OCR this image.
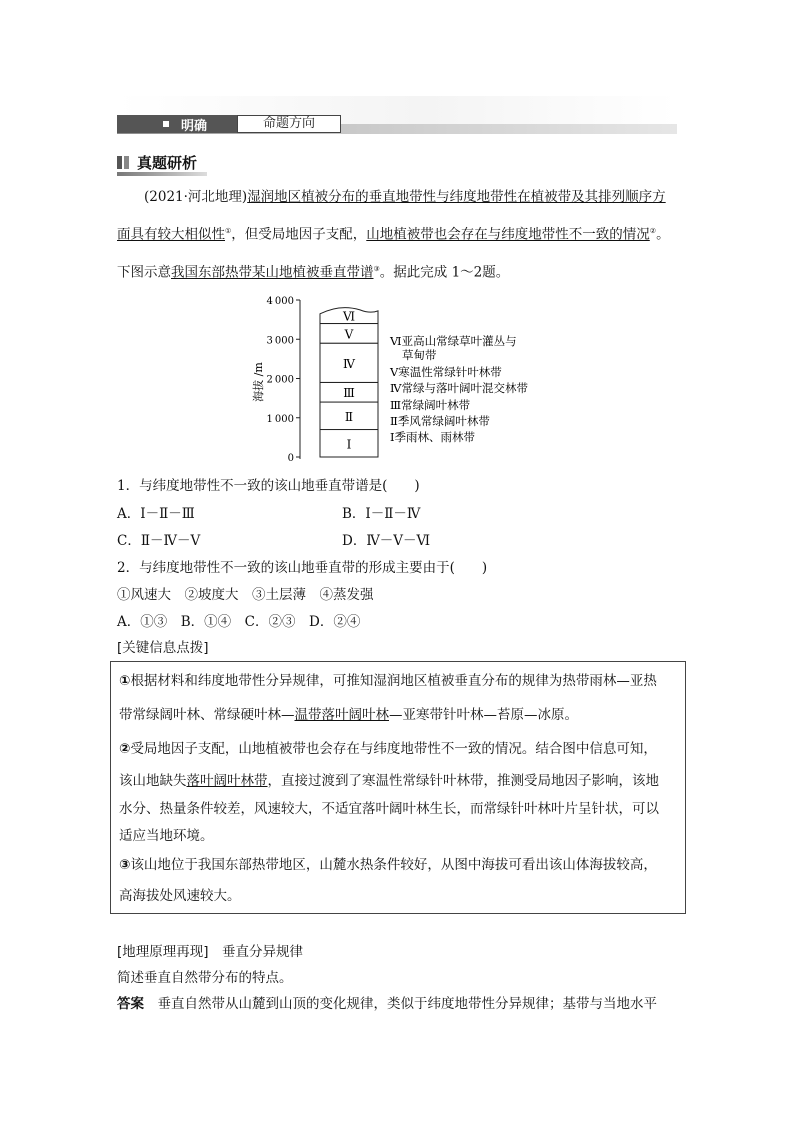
明确	命题方向
真题研析
(2021·河北地理)湿润地区植被分布的垂直地带性与纬度地带性在植被带及其排列顺序方
面具有较大相似性①，但受局地因子支配，山地植被带也会存在与纬度地带性不一致的情况②。
下图示意我国东部热带某山地植被垂直带谱③。据此完成 1～2题。
海拔 /m
0
1 000
2 000
3 000
4 000
Ⅰ
Ⅱ
Ⅲ
Ⅳ
Ⅴ
Ⅵ
Ⅵ亚高山常绿草叶灌丛与
草甸带
Ⅴ寒温性常绿针叶林带
Ⅳ常绿与落叶阔叶混交林带
Ⅲ常绿阔叶林带
Ⅱ季风常绿阔叶林带
Ⅰ季雨林、雨林带
1．与纬度地带性不一致的该山地垂直带谱是(　　)
A．Ⅰ－Ⅱ－Ⅲ	B．Ⅰ－Ⅱ－Ⅳ
C．Ⅱ－Ⅳ－Ⅴ	D．Ⅳ－Ⅴ－Ⅵ
2．与纬度地带性不一致的该山地垂直带的形成主要由于(　　)
①风速大　②坡度大　③土层薄　④蒸发强
A．①③　B．①④　C．②③　D．②④
[关键信息点拨]
①根据材料和纬度地带性分异规律，可推知湿润地区植被垂直分布的规律为热带雨林—亚热
带常绿阔叶林、常绿硬叶林—温带落叶阔叶林—亚寒带针叶林—苔原—冰原。
②受局地因子支配，山地植被带也会存在与纬度地带性不一致的情况。结合图中信息可知，
该山地缺失落叶阔叶林带，直接过渡到了寒温性常绿针叶林带，推测受局地因子影响，该地
水分、热量条件较差，风速较大，不适宜落叶阔叶林生长，而常绿针叶林叶片呈针状，可以
适应当地环境。
③该山地位于我国东部热带地区，山麓水热条件较好，从图中海拔可看出该山体海拔较高，
高海拔处风速较大。
[地理原理再现]　垂直分异规律
简述垂直自然带分布的特点。
答案　 垂直自然带从山麓到山顶的变化规律，类似于纬度地带性分异规律；基带与当地水平
